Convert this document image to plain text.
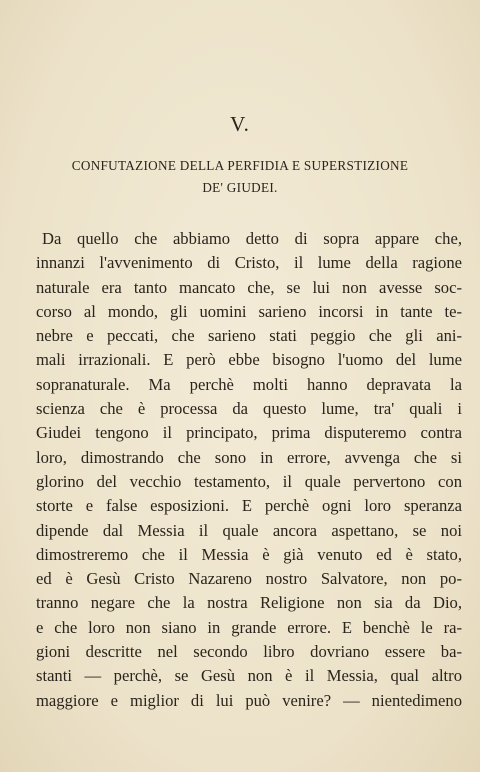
V.
CONFUTAZIONE DELLA PERFIDIA E SUPERSTIZIONE
DE' GIUDEI.
Da quello che abbiamo detto di sopra appare che,
innanzi l'avvenimento di Cristo, il lume della ragione
naturale era tanto mancato che, se lui non avesse soc-
corso al mondo, gli uomini sarieno incorsi in tante te-
nebre e peccati, che sarieno stati peggio che gli ani-
mali irrazionali. E però ebbe bisogno l'uomo del lume
sopranaturale. Ma perchè molti hanno depravata la
scienza che è processa da questo lume, tra' quali i
Giudei tengono il principato, prima disputeremo contra
loro, dimostrando che sono in errore, avvenga che si
glorino del vecchio testamento, il quale pervertono con
storte e false esposizioni. E perchè ogni loro speranza
dipende dal Messia il quale ancora aspettano, se noi
dimostreremo che il Messia è già venuto ed è stato,
ed è Gesù Cristo Nazareno nostro Salvatore, non po-
tranno negare che la nostra Religione non sia da Dio,
e che loro non siano in grande errore. E benchè le ra-
gioni descritte nel secondo libro dovriano essere ba-
stanti — perchè, se Gesù non è il Messia, qual altro
maggiore e miglior di lui può venire? — nientedimeno
